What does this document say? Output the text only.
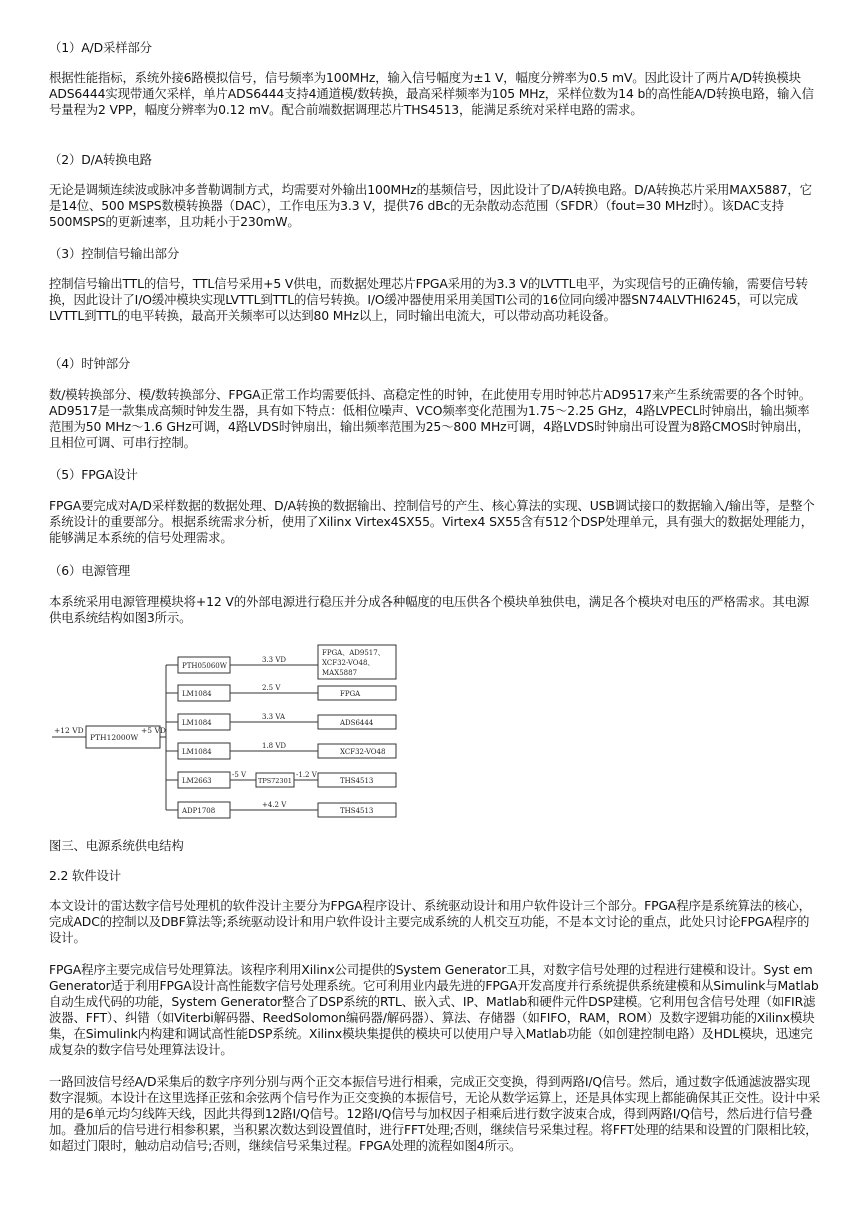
（1）A/D采样部分

根据性能指标，系统外接6路模拟信号，信号频率为100MHz，输入信号幅度为±1 V，幅度分辨率为0.5 mV。因此设计了两片A/D转换模块ADS6444实现带通欠采样，单片ADS6444支持4通道模/数转换，最高采样频率为105 MHz，采样位数为14 b的高性能A/D转换电路，输入信号量程为2 VPP，幅度分辨率为0.12 mV。配合前端数据调理芯片THS4513，能满足系统对采样电路的需求。

（2）D/A转换电路

无论是调频连续波或脉冲多普勒调制方式，均需要对外输出100MHz的基频信号，因此设计了D/A转换电路。D/A转换芯片采用MAX5887，它是14位、500 MSPS数模转换器（DAC），工作电压为3.3 V，提供76 dBc的无杂散动态范围（SFDR）（fout=30 MHz时）。该DAC支持500MSPS的更新速率，且功耗小于230mW。

（3）控制信号输出部分

控制信号输出TTL的信号，TTL信号采用+5 V供电，而数据处理芯片FPGA采用的为3.3 V的LVTTL电平，为实现信号的正确传输，需要信号转换，因此设计了I/O缓冲模块实现LVTTL到TTL的信号转换。I/O缓冲器使用采用美国TI公司的16位同向缓冲器SN74ALVTHI6245，可以完成LVTTL到TTL的电平转换，最高开关频率可以达到80 MHz以上，同时输出电流大，可以带动高功耗设备。

（4）时钟部分

数/模转换部分、模/数转换部分、FPGA正常工作均需要低抖、高稳定性的时钟，在此使用专用时钟芯片AD9517来产生系统需要的各个时钟。AD9517是一款集成高频时钟发生器，具有如下特点：低相位噪声、VCO频率变化范围为1.75～2.25 GHz，4路LVPECL时钟扇出，输出频率范围为50 MHz～1.6 GHz可调，4路LVDS时钟扇出，输出频率范围为25～800 MHz可调，4路LVDS时钟扇出可设置为8路CMOS时钟扇出，且相位可调、可串行控制。

（5）FPGA设计

FPGA要完成对A/D采样数据的数据处理、D/A转换的数据输出、控制信号的产生、核心算法的实现、USB调试接口的数据输入/输出等，是整个系统设计的重要部分。根据系统需求分析，使用了Xilinx Virtex4SX55。Virtex4 SX55含有512个DSP处理单元，具有强大的数据处理能力，能够满足本系统的信号处理需求。

（6）电源管理

本系统采用电源管理模块将+12 V的外部电源进行稳压并分成各种幅度的电压供各个模块单独供电，满足各个模块对电压的严格需求。其电源供电系统结构如图3所示。

图三、电源系统供电结构

2.2 软件设计

本文设计的雷达数字信号处理机的软件没计主要分为FPGA程序设计、系统驱动设计和用户软件设计三个部分。FPGA程序是系统算法的核心，完成ADC的控制以及DBF算法等;系统驱动设计和用户软件设计主要完成系统的人机交互功能，不是本文讨论的重点，此处只讨论FPGA程序的设计。

FPGA程序主要完成信号处理算法。该程序利用Xilinx公司提供的System Generator工具，对数字信号处理的过程进行建模和设计。Syst em Generator适于利用FPGA设计高性能数字信号处理系统。它可利用业内最先进的FPGA开发高度并行系统提供系统建模和从Simulink与Matlab自动生成代码的功能，System Generator整合了DSP系统的RTL、嵌入式、IP、Matlab和硬件元件DSP建模。它利用包含信号处理（如FIR滤波器、FFT）、纠错（如Viterbi解码器、ReedSolomon编码器/解码器）、算法、存储器（如FIFO，RAM，ROM）及数字逻辑功能的Xilinx模块集，在Simulink内构建和调试高性能DSP系统。Xilinx模块集提供的模块可以使用户导入Matlab功能（如创建控制电路）及HDL模块，迅速完成复杂的数字信号处理算法设计。

一路回波信号经A/D采集后的数字序列分别与两个正交本振信号进行相乘，完成正交变换，得到两路I/Q信号。然后，通过数字低通滤波器实现数字混频。本设计在这里选择正弦和余弦两个信号作为正交变换的本振信号，无论从数学运算上，还是具体实现上都能确保其正交性。设计中采用的是6单元均匀线阵天线，因此共得到12路I/Q信号。12路I/Q信号与加权因子相乘后进行数字波束合成，得到两路I/Q信号，然后进行信号叠加。叠加后的信号进行相参积累，当积累次数达到设置值时，进行FFT处理;否则，继续信号采集过程。将FFT处理的结果和设置的门限相比较，如超过门限时，触动启动信号;否则，继续信号采集过程。FPGA处理的流程如图4所示。

+12 VD
PTH12000W
+5 VD
PTH05060W
3.3 VD
FPGA、AD9517、
XCF32-VO48、
MAX5887
LM1084
2.5 V
FPGA
LM1084
3.3 VA
ADS6444
LM1084
1.8 VD
XCF32-VO48
LM2663
-5 V
TPS72301
-1.2 V
THS4513
ADP1708
+4.2 V
THS4513
